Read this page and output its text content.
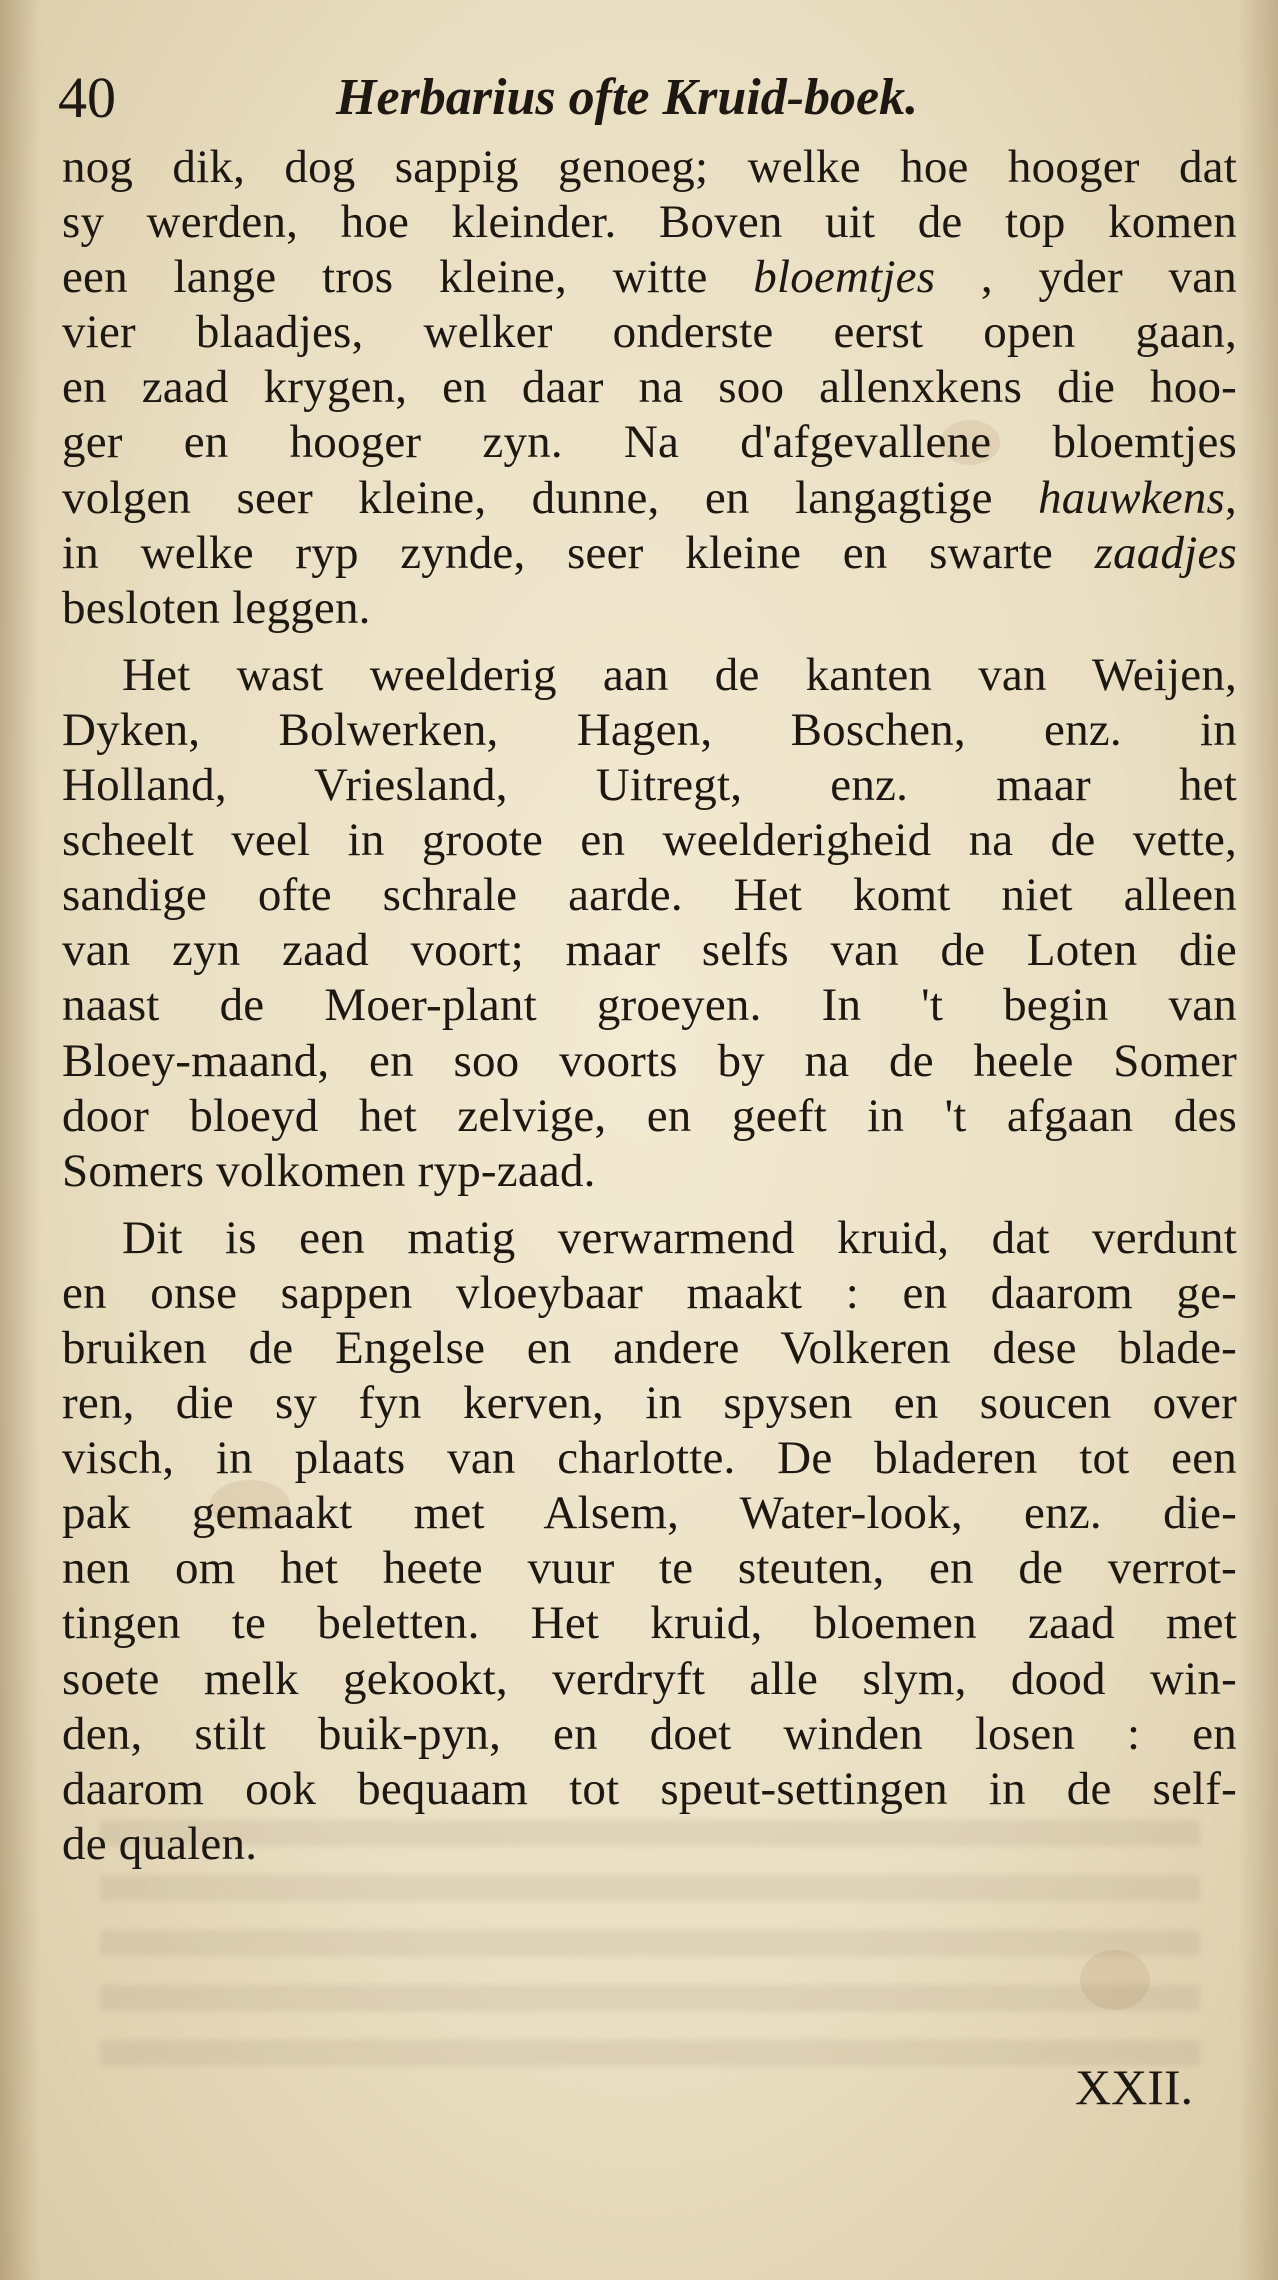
40	Herbarius ofte Kruid-boek.
nog dik, dog sappig genoeg; welke hoe hooger dat
sy werden, hoe kleinder. Boven uit de top komen
een lange tros kleine, witte bloemtjes , yder van
vier blaadjes, welker onderste eerst open gaan,
en zaad krygen, en daar na soo allenxkens die hoo-
ger en hooger zyn. Na d'afgevallene bloemtjes
volgen seer kleine, dunne, en langagtige hauwkens,
in welke ryp zynde, seer kleine en swarte zaadjes
besloten leggen.
Het wast weelderig aan de kanten van Weijen,
Dyken, Bolwerken, Hagen, Boschen, enz. in
Holland, Vriesland, Uitregt, enz. maar het
scheelt veel in groote en weelderigheid na de vette,
sandige ofte schrale aarde. Het komt niet alleen
van zyn zaad voort; maar selfs van de Loten die
naast de Moer-plant groeyen. In 't begin van
Bloey-maand, en soo voorts by na de heele Somer
door bloeyd het zelvige, en geeft in 't afgaan des
Somers volkomen ryp-zaad.
Dit is een matig verwarmend kruid, dat verdunt
en onse sappen vloeybaar maakt : en daarom ge-
bruiken de Engelse en andere Volkeren dese blade-
ren, die sy fyn kerven, in spysen en soucen over
visch, in plaats van charlotte. De bladeren tot een
pak gemaakt met Alsem, Water-look, enz. die-
nen om het heete vuur te steuten, en de verrot-
tingen te beletten. Het kruid, bloemen zaad met
soete melk gekookt, verdryft alle slym, dood win-
den, stilt buik-pyn, en doet winden losen : en
daarom ook bequaam tot speut-settingen in de self-
de qualen.
XXII.
